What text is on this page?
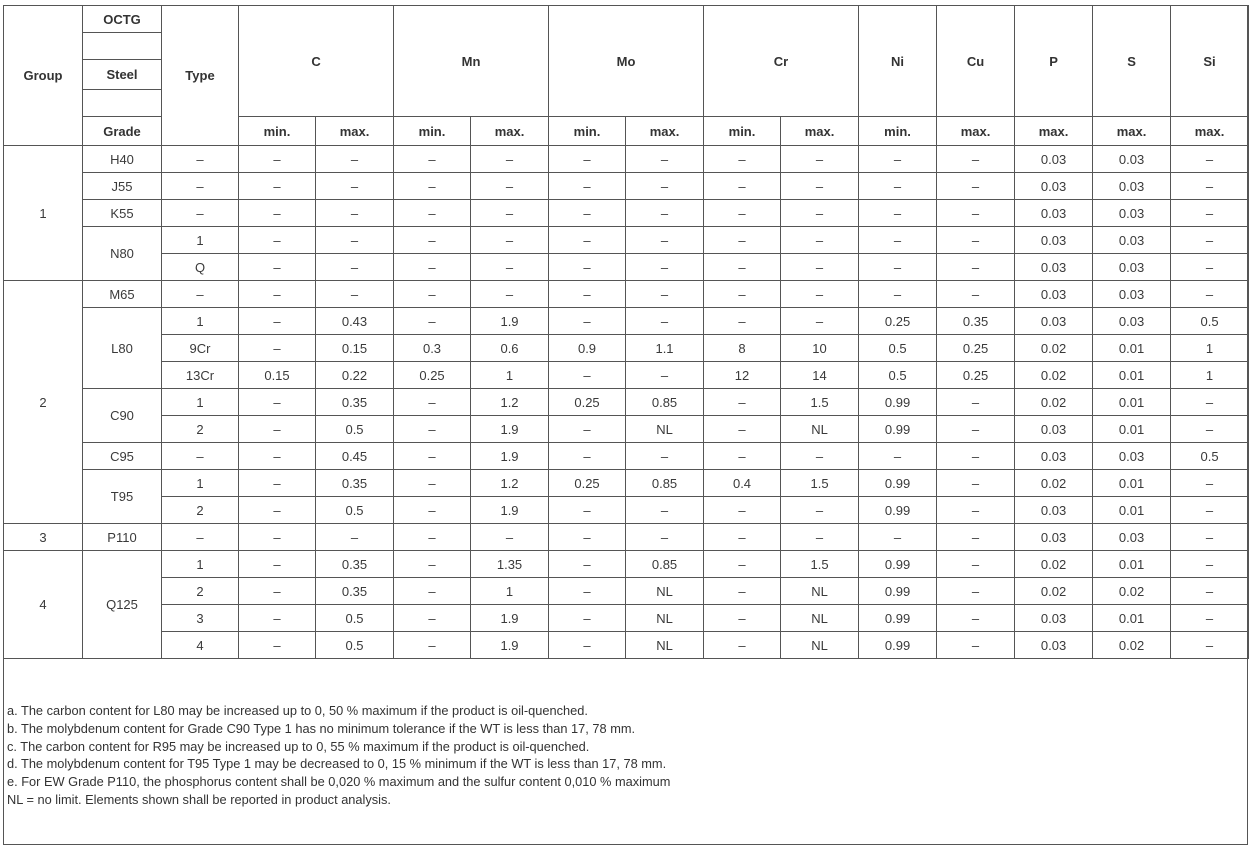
Group	OCTG	Type	C		Mn		Mo		Cr		Ni	Cu	P	S	Si

	Steel														

	Grade		min.	max.	min.	max.	min.	max.	min.	max.	min.	max.	max.	max.	max.
1	H40	–	–	–	–	–	–	–	–	–	–	–	0.03	0.03	–
	J55	–	–	–	–	–	–	–	–	–	–	–	0.03	0.03	–
	K55	–	–	–	–	–	–	–	–	–	–	–	0.03	0.03	–
	N80	1	–	–	–	–	–	–	–	–	–	–	0.03	0.03	–
		Q	–	–	–	–	–	–	–	–	–	–	0.03	0.03	–
2	M65	–	–	–	–	–	–	–	–	–	–	–	0.03	0.03	–
	L80	1	–	0.43	–	1.9	–	–	–	–	0.25	0.35	0.03	0.03	0.5
		9Cr	–	0.15	0.3	0.6	0.9	1.1	8	10	0.5	0.25	0.02	0.01	1
		13Cr	0.15	0.22	0.25	1	–	–	12	14	0.5	0.25	0.02	0.01	1
	C90	1	–	0.35	–	1.2	0.25	0.85	–	1.5	0.99	–	0.02	0.01	–
		2	–	0.5	–	1.9	–	NL	–	NL	0.99	–	0.03	0.01	–
	C95	–	–	0.45	–	1.9	–	–	–	–	–	–	0.03	0.03	0.5
	T95	1	–	0.35	–	1.2	0.25	0.85	0.4	1.5	0.99	–	0.02	0.01	–
		2	–	0.5	–	1.9	–	–	–	–	0.99	–	0.03	0.01	–
3	P110	–	–	–	–	–	–	–	–	–	–	–	0.03	0.03	–
4	Q125	1	–	0.35	–	1.35	–	0.85	–	1.5	0.99	–	0.02	0.01	–
		2	–	0.35	–	1	–	NL	–	NL	0.99	–	0.02	0.02	–
		3	–	0.5	–	1.9	–	NL	–	NL	0.99	–	0.03	0.01	–
		4	–	0.5	–	1.9	–	NL	–	NL	0.99	–	0.03	0.02	–
a. The carbon content for L80 may be increased up to 0, 50 % maximum if the product is oil-quenched.
b. The molybdenum content for Grade C90 Type 1 has no minimum tolerance if the WT is less than 17, 78 mm.
c. The carbon content for R95 may be increased up to 0, 55 % maximum if the product is oil-quenched.
d. The molybdenum content for T95 Type 1 may be decreased to 0, 15 % minimum if the WT is less than 17, 78 mm.
e. For EW Grade P110, the phosphorus content shall be 0,020 % maximum and the sulfur content 0,010 % maximum
NL = no limit. Elements shown shall be reported in product analysis.
